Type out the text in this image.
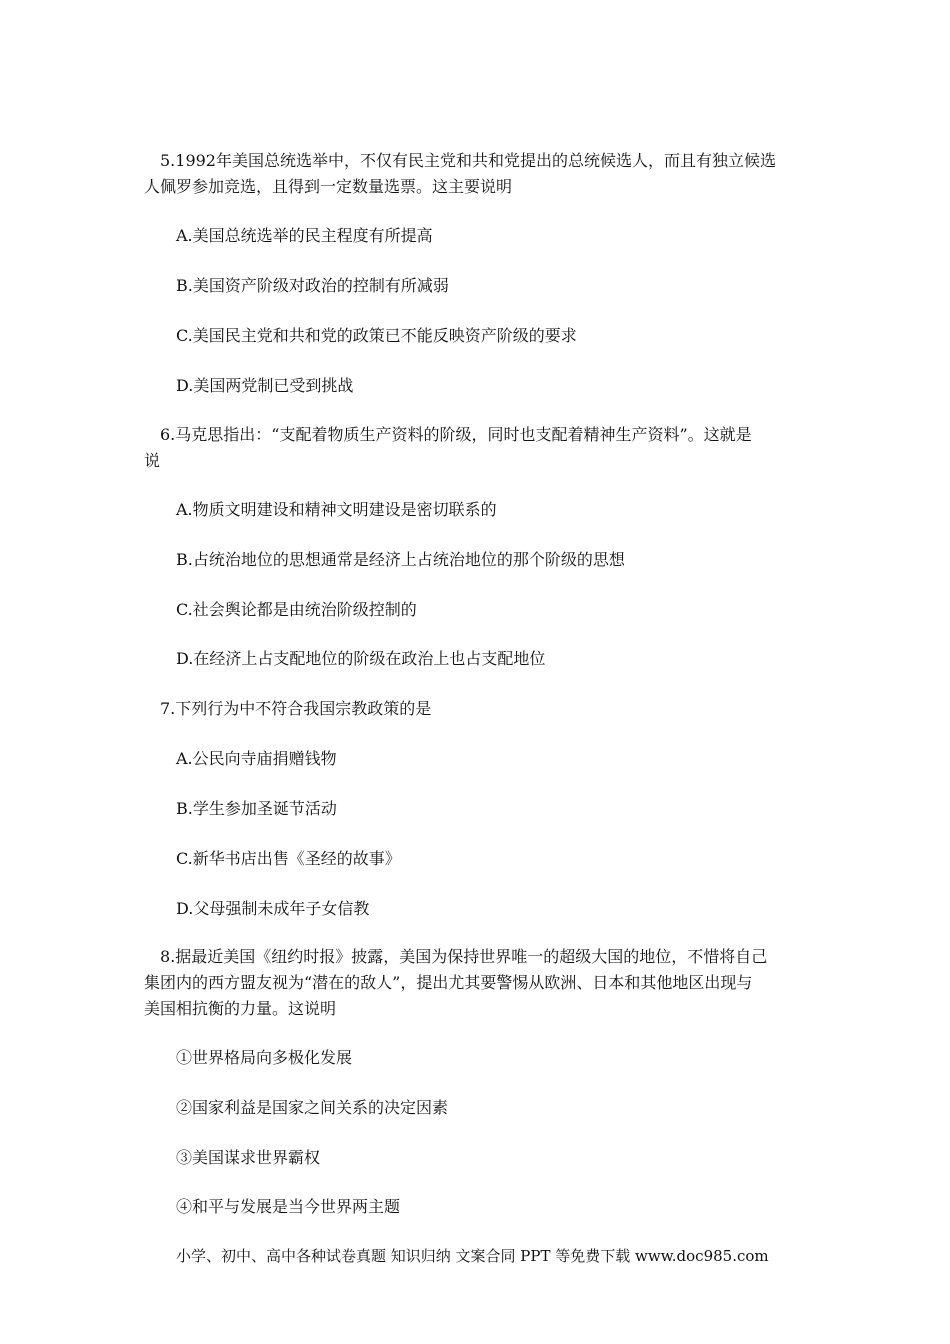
5.1992年美国总统选举中，不仅有民主党和共和党提出的总统候选人，而且有独立候选
人佩罗参加竞选，且得到一定数量选票。这主要说明
A.美国总统选举的民主程度有所提高
B.美国资产阶级对政治的控制有所减弱
C.美国民主党和共和党的政策已不能反映资产阶级的要求
D.美国两党制已受到挑战
6.马克思指出：“支配着物质生产资料的阶级，同时也支配着精神生产资料”。这就是
说
A.物质文明建设和精神文明建设是密切联系的
B.占统治地位的思想通常是经济上占统治地位的那个阶级的思想
C.社会舆论都是由统治阶级控制的
D.在经济上占支配地位的阶级在政治上也占支配地位
7.下列行为中不符合我国宗教政策的是
A.公民向寺庙捐赠钱物
B.学生参加圣诞节活动
C.新华书店出售《圣经的故事》
D.父母强制未成年子女信教
8.据最近美国《纽约时报》披露，美国为保持世界唯一的超级大国的地位，不惜将自己
集团内的西方盟友视为“潜在的敌人”，提出尤其要警惕从欧洲、日本和其他地区出现与
美国相抗衡的力量。这说明
①世界格局向多极化发展
②国家利益是国家之间关系的决定因素
③美国谋求世界霸权
④和平与发展是当今世界两主题
小学、初中、高中各种试卷真题 知识归纳 文案合同 PPT 等免费下载 www.doc985.com
